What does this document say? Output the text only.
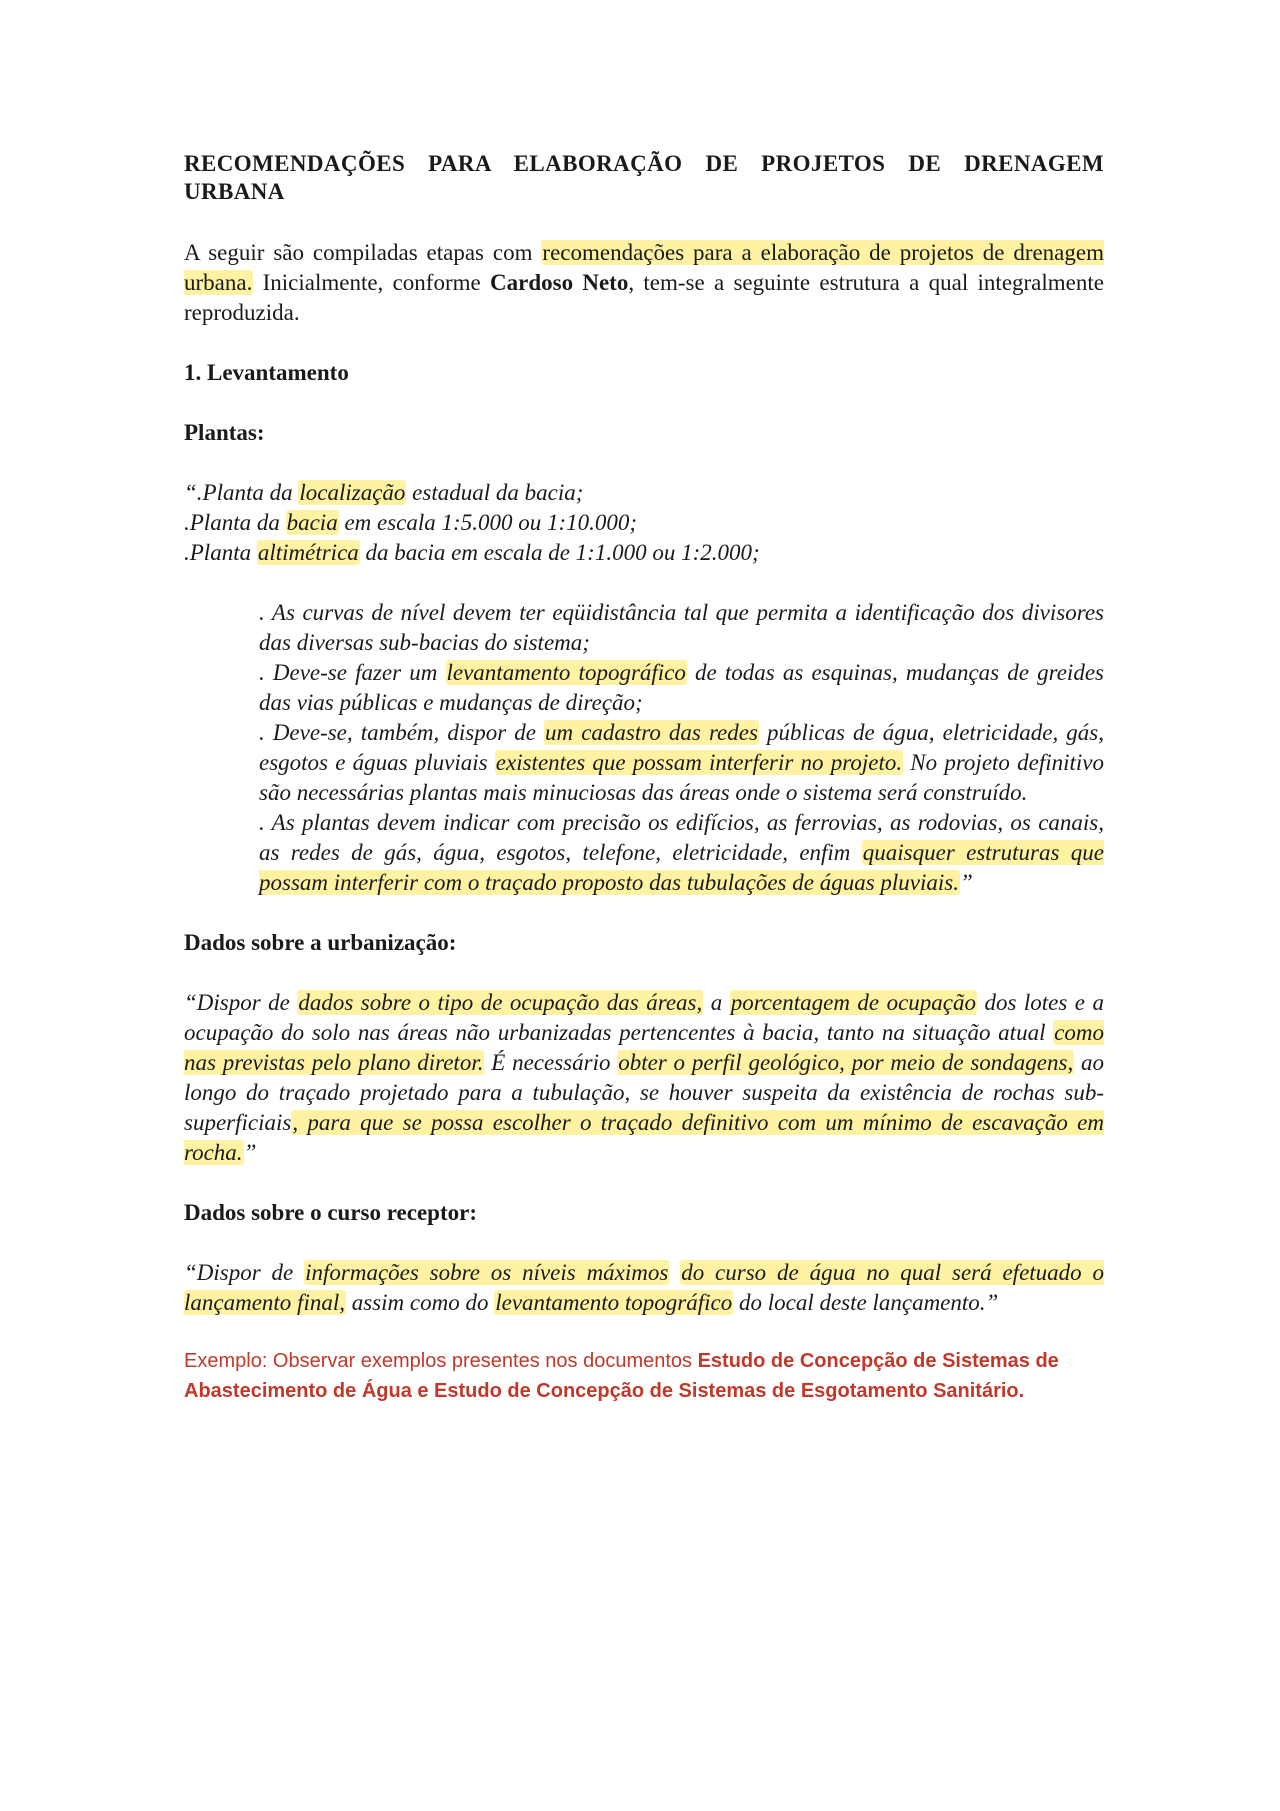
RECOMENDAÇÕES PARA ELABORAÇÃO DE PROJETOS DE DRENAGEM URBANA

A seguir são compiladas etapas com recomendações para a elaboração de projetos de drenagem urbana. Inicialmente, conforme Cardoso Neto, tem-se a seguinte estrutura a qual integralmente reproduzida.

1. Levantamento

Plantas:

“.Planta da localização estadual da bacia;

.Planta da bacia em escala 1:5.000 ou 1:10.000;

.Planta altimétrica da bacia em escala de 1:1.000 ou 1:2.000;

. As curvas de nível devem ter eqüidistância tal que permita a identificação dos divisores das diversas sub-bacias do sistema;

. Deve-se fazer um levantamento topográfico de todas as esquinas, mudanças de greides das vias públicas e mudanças de direção;

. Deve-se, também, dispor de um cadastro das redes públicas de água, eletricidade, gás, esgotos e águas pluviais existentes que possam interferir no projeto. No projeto definitivo são necessárias plantas mais minuciosas das áreas onde o sistema será construído.

. As plantas devem indicar com precisão os edifícios, as ferrovias, as rodovias, os canais, as redes de gás, água, esgotos, telefone, eletricidade, enfim quaisquer estruturas que possam interferir com o traçado proposto das tubulações de águas pluviais.”

Dados sobre a urbanização:

“Dispor de dados sobre o tipo de ocupação das áreas, a porcentagem de ocupação dos lotes e a ocupação do solo nas áreas não urbanizadas pertencentes à bacia, tanto na situação atual como nas previstas pelo plano diretor. É necessário obter o perfil geológico, por meio de sondagens, ao longo do traçado projetado para a tubulação, se houver suspeita da existência de rochas sub-superficiais, para que se possa escolher o traçado definitivo com um mínimo de escavação em rocha.”

Dados sobre o curso receptor:

“Dispor de informações sobre os níveis máximos do curso de água no qual será efetuado o lançamento final, assim como do levantamento topográfico do local deste lançamento.”

Exemplo: Observar exemplos presentes nos documentos Estudo de Concepção de Sistemas de Abastecimento de Água e Estudo de Concepção de Sistemas de Esgotamento Sanitário.
